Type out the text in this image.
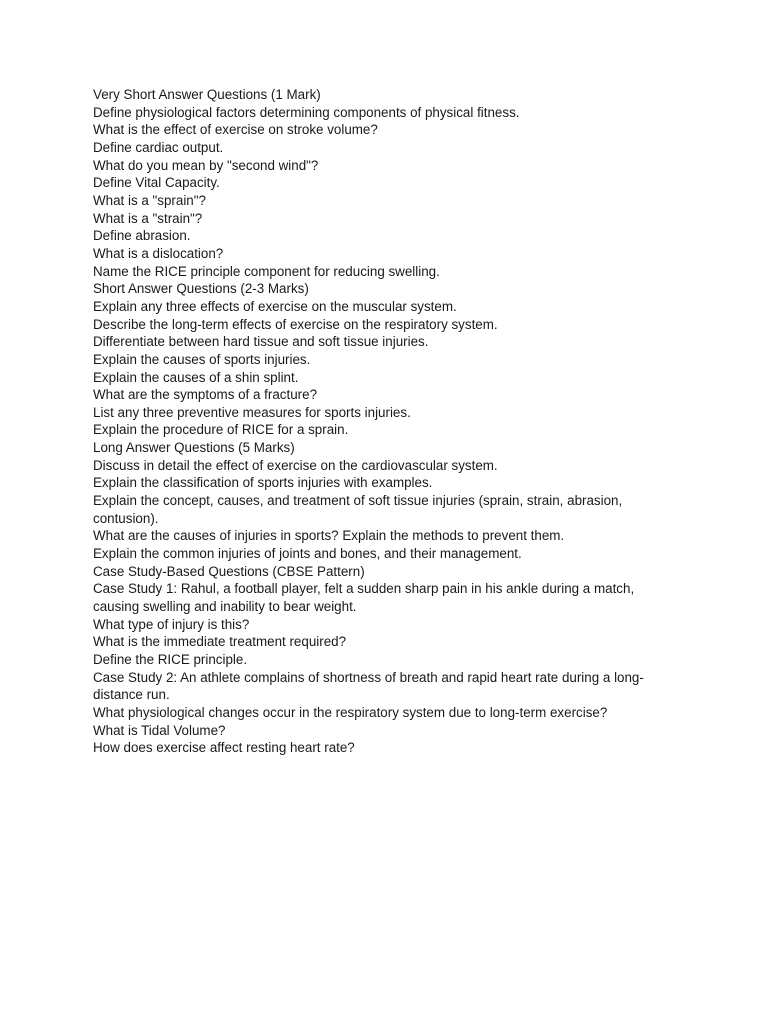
Very Short Answer Questions (1 Mark)

Define physiological factors determining components of physical fitness.

What is the effect of exercise on stroke volume?

Define cardiac output.

What do you mean by "second wind"?

Define Vital Capacity.

What is a "sprain"?

What is a "strain"?

Define abrasion.

What is a dislocation?

Name the RICE principle component for reducing swelling.

Short Answer Questions (2-3 Marks)

Explain any three effects of exercise on the muscular system.

Describe the long-term effects of exercise on the respiratory system.

Differentiate between hard tissue and soft tissue injuries.

Explain the causes of sports injuries.

Explain the causes of a shin splint.

What are the symptoms of a fracture?

List any three preventive measures for sports injuries.

Explain the procedure of RICE for a sprain.

Long Answer Questions (5 Marks)

Discuss in detail the effect of exercise on the cardiovascular system.

Explain the classification of sports injuries with examples.

Explain the concept, causes, and treatment of soft tissue injuries (sprain, strain, abrasion, contusion).

What are the causes of injuries in sports? Explain the methods to prevent them.

Explain the common injuries of joints and bones, and their management.

Case Study-Based Questions (CBSE Pattern)

Case Study 1: Rahul, a football player, felt a sudden sharp pain in his ankle during a match, causing swelling and inability to bear weight.

What type of injury is this?

What is the immediate treatment required?

Define the RICE principle.

Case Study 2: An athlete complains of shortness of breath and rapid heart rate during a long-distance run.

What physiological changes occur in the respiratory system due to long-term exercise?

What is Tidal Volume?

How does exercise affect resting heart rate?
